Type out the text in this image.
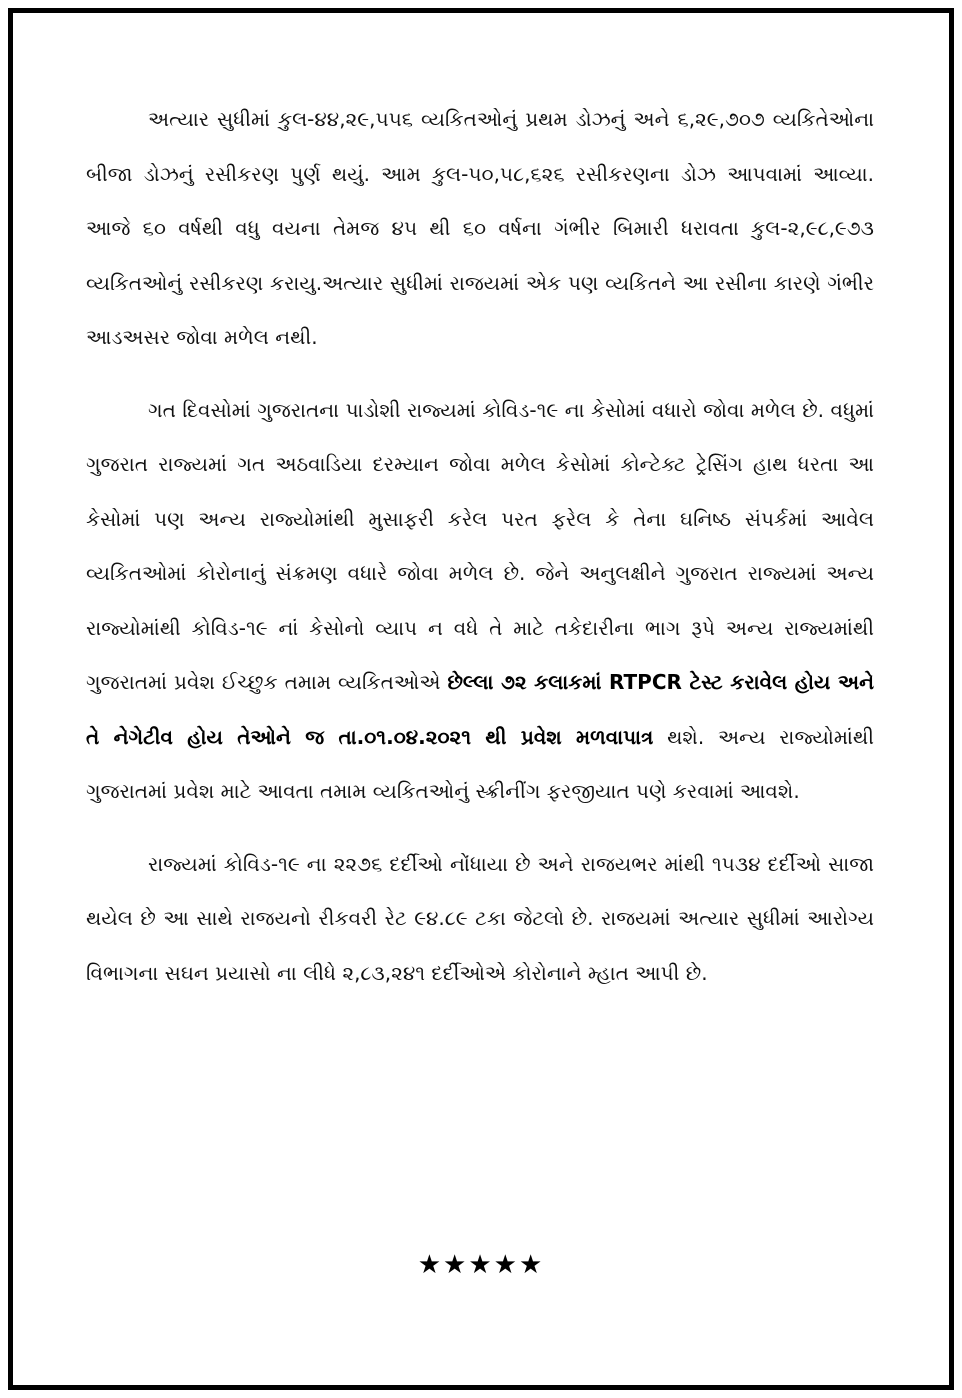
અત્યાર સુધીમાં કુલ-૪૪,૨૯,૫૫૬ વ્યકિતઓનું પ્રથમ ડોઝનું અને ૬,૨૯,૭૦૭ વ્યકિતેઓના બીજા ડોઝનું રસીકરણ પુર્ણ થયું. આમ કુલ-૫૦,૫૮,૬૨૬ રસીકરણના ડોઝ આપવામાં આવ્યા. આજે ૬૦ વર્ષથી વધુ વયના તેમજ ૪૫ થી ૬૦ વર્ષના ગંભીર બિમારી ધરાવતા કુલ-૨,૯૮,૯૭૩ વ્યકિતઓનું રસીકરણ કરાયુ.અત્યાર સુધીમાં રાજયમાં એક પણ વ્યકિતને આ રસીના કારણે ગંભીર આડઅસર જોવા મળેલ નથી.

ગત દિવસોમાં ગુજરાતના પાડોશી રાજ્યમાં કોવિડ-૧૯ ના કેસોમાં વધારો જોવા મળેલ છે. વધુમાં ગુજરાત રાજ્યમાં ગત અઠવાડિયા દરમ્યાન જોવા મળેલ કેસોમાં કોન્ટેક્ટ ટ્રેસિંગ હાથ ધરતા આ કેસોમાં પણ અન્ય રાજ્યોમાંથી મુસાફરી કરેલ પરત ફરેલ કે તેના ઘનિષ્ઠ સંપર્કમાં આવેલ વ્યકિતઓમાં કોરોનાનું સંક્રમણ વધારે જોવા મળેલ છે. જેને અનુલક્ષીને ગુજરાત રાજ્યમાં અન્ય રાજ્યોમાંથી કોવિડ-૧૯ નાં કેસોનો વ્યાપ ન વધે તે માટે તકેદારીના ભાગ રૂપે અન્ય રાજ્યમાંથી ગુજરાતમાં પ્રવેશ ઈચ્છુક તમામ વ્યકિતઓએ છેલ્લા ૭૨ કલાકમાં RTPCR ટેસ્ટ કરાવેલ હોય અને તે નેગેટીવ હોય તેઓને જ તા.૦૧.૦૪.૨૦૨૧ થી પ્રવેશ મળવાપાત્ર થશે. અન્ય રાજ્યોમાંથી ગુજરાતમાં પ્રવેશ માટે આવતા તમામ વ્યકિતઓનું સ્ક્રીનીંગ ફરજીયાત પણે કરવામાં આવશે.

રાજ્યમાં કોવિડ-૧૯ ના ૨૨૭૬ દર્દીઓ નોંધાયા છે અને રાજયભર માંથી ૧૫૩૪ દર્દીઓ સાજા થયેલ છે આ સાથે રાજયનો રીકવરી રેટ ૯૪.૮૯ ટકા જેટલો છે. રાજયમાં અત્યાર સુધીમાં આરોગ્ય વિભાગના સઘન પ્રયાસો ના લીધે ૨,૮૩,૨૪૧ દર્દીઓએ કોરોનાને મ્હાત આપી છે.

★★★★★
